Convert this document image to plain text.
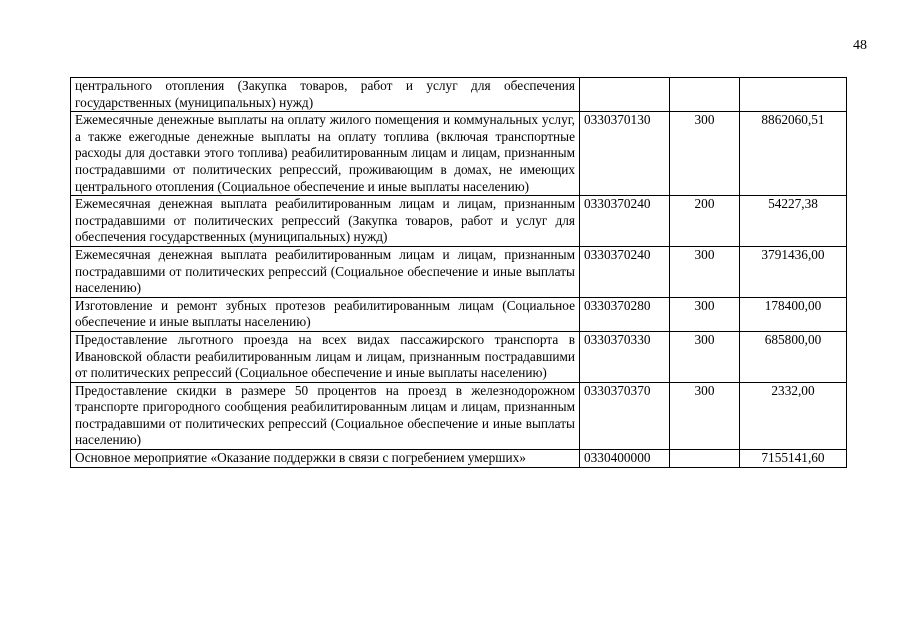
48
центрального отопления (Закупка товаров, работ и услуг для обеспечения государственных (муниципальных) нужд)			
Ежемесячные денежные выплаты на оплату жилого помещения и коммунальных услуг, а также ежегодные денежные выплаты на оплату топлива (включая транспортные расходы для доставки этого топлива) реабилитированным лицам и лицам, признанным пострадавшими от политических репрессий, проживающим в домах, не имеющих центрального отопления (Социальное обеспечение и иные выплаты населению)	0330370130	300	8862060,51
Ежемесячная денежная выплата реабилитированным лицам и лицам, признанным пострадавшими от политических репрессий (Закупка товаров, работ и услуг для обеспечения государственных (муниципальных) нужд)	0330370240	200	54227,38
Ежемесячная денежная выплата реабилитированным лицам и лицам, признанным пострадавшими от политических репрессий (Социальное обеспечение и иные выплаты населению)	0330370240	300	3791436,00
Изготовление и ремонт зубных протезов реабилитированным лицам (Социальное обеспечение и иные выплаты населению)	0330370280	300	178400,00
Предоставление льготного проезда на всех видах пассажирского транспорта в Ивановской области реабилитированным лицам и лицам, признанным пострадавшими от политических репрессий (Социальное обеспечение и иные выплаты населению)	0330370330	300	685800,00
Предоставление скидки в размере 50 процентов на проезд в железнодорожном транспорте пригородного сообщения реабилитированным лицам и лицам, признанным пострадавшими от политических репрессий (Социальное обеспечение и иные выплаты населению)	0330370370	300	2332,00
Основное мероприятие «Оказание поддержки в связи с погребением умерших»	0330400000		7155141,60
